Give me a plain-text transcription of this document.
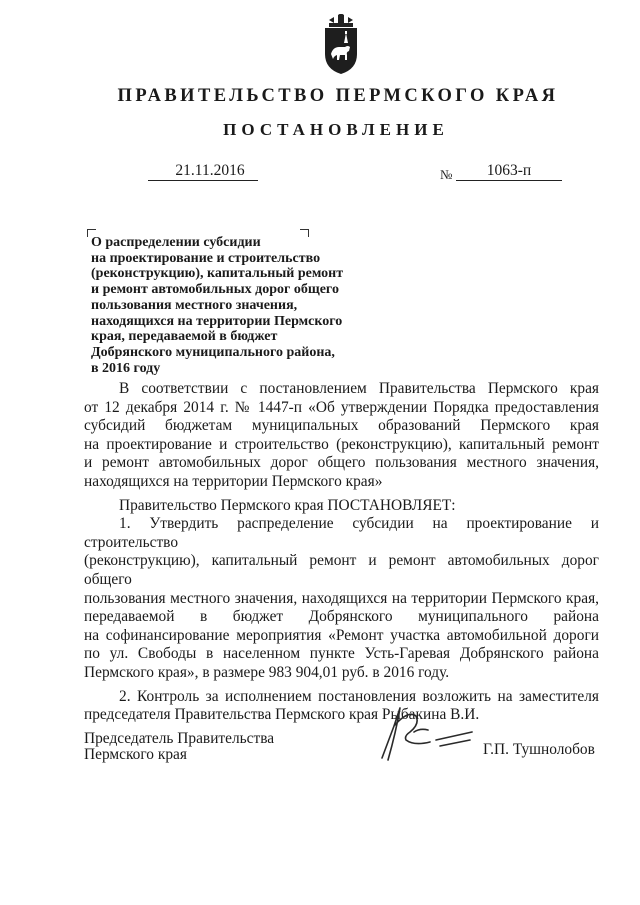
ПРАВИТЕЛЬСТВО ПЕРМСКОГО КРАЯ
ПОСТАНОВЛЕНИЕ
21.11.2016	№	1063-п
О распределении субсидии
на проектирование и строительство
(реконструкцию), капитальный ремонт
и ремонт автомобильных дорог общего
пользования местного значения,
находящихся на территории Пермского
края, передаваемой в бюджет
Добрянского муниципального района,
в 2016 году

В соответствии с постановлением Правительства Пермского края

от 12 декабря 2014 г. № 1447-п «Об утверждении Порядка предоставления

субсидий бюджетам муниципальных образований Пермского края

на проектирование и строительство (реконструкцию), капитальный ремонт

и ремонт автомобильных дорог общего пользования местного значения,

находящихся на территории Пермского края»

Правительство Пермского края ПОСТАНОВЛЯЕТ:

1. Утвердить распределение субсидии на проектирование и строительство

(реконструкцию), капитальный ремонт и ремонт автомобильных дорог общего

пользования местного значения, находящихся на территории Пермского края,

передаваемой в бюджет Добрянского муниципального района

на софинансирование мероприятия «Ремонт участка автомобильной дороги

по ул. Свободы в населенном пункте Усть-Гаревая Добрянского района

Пермского края», в размере 983 904,01 руб. в 2016 году.

2. Контроль за исполнением постановления возложить на заместителя

председателя Правительства Пермского края Рыбакина В.И.

Председатель Правительства
Пермского края	Г.П. Тушнолобов
